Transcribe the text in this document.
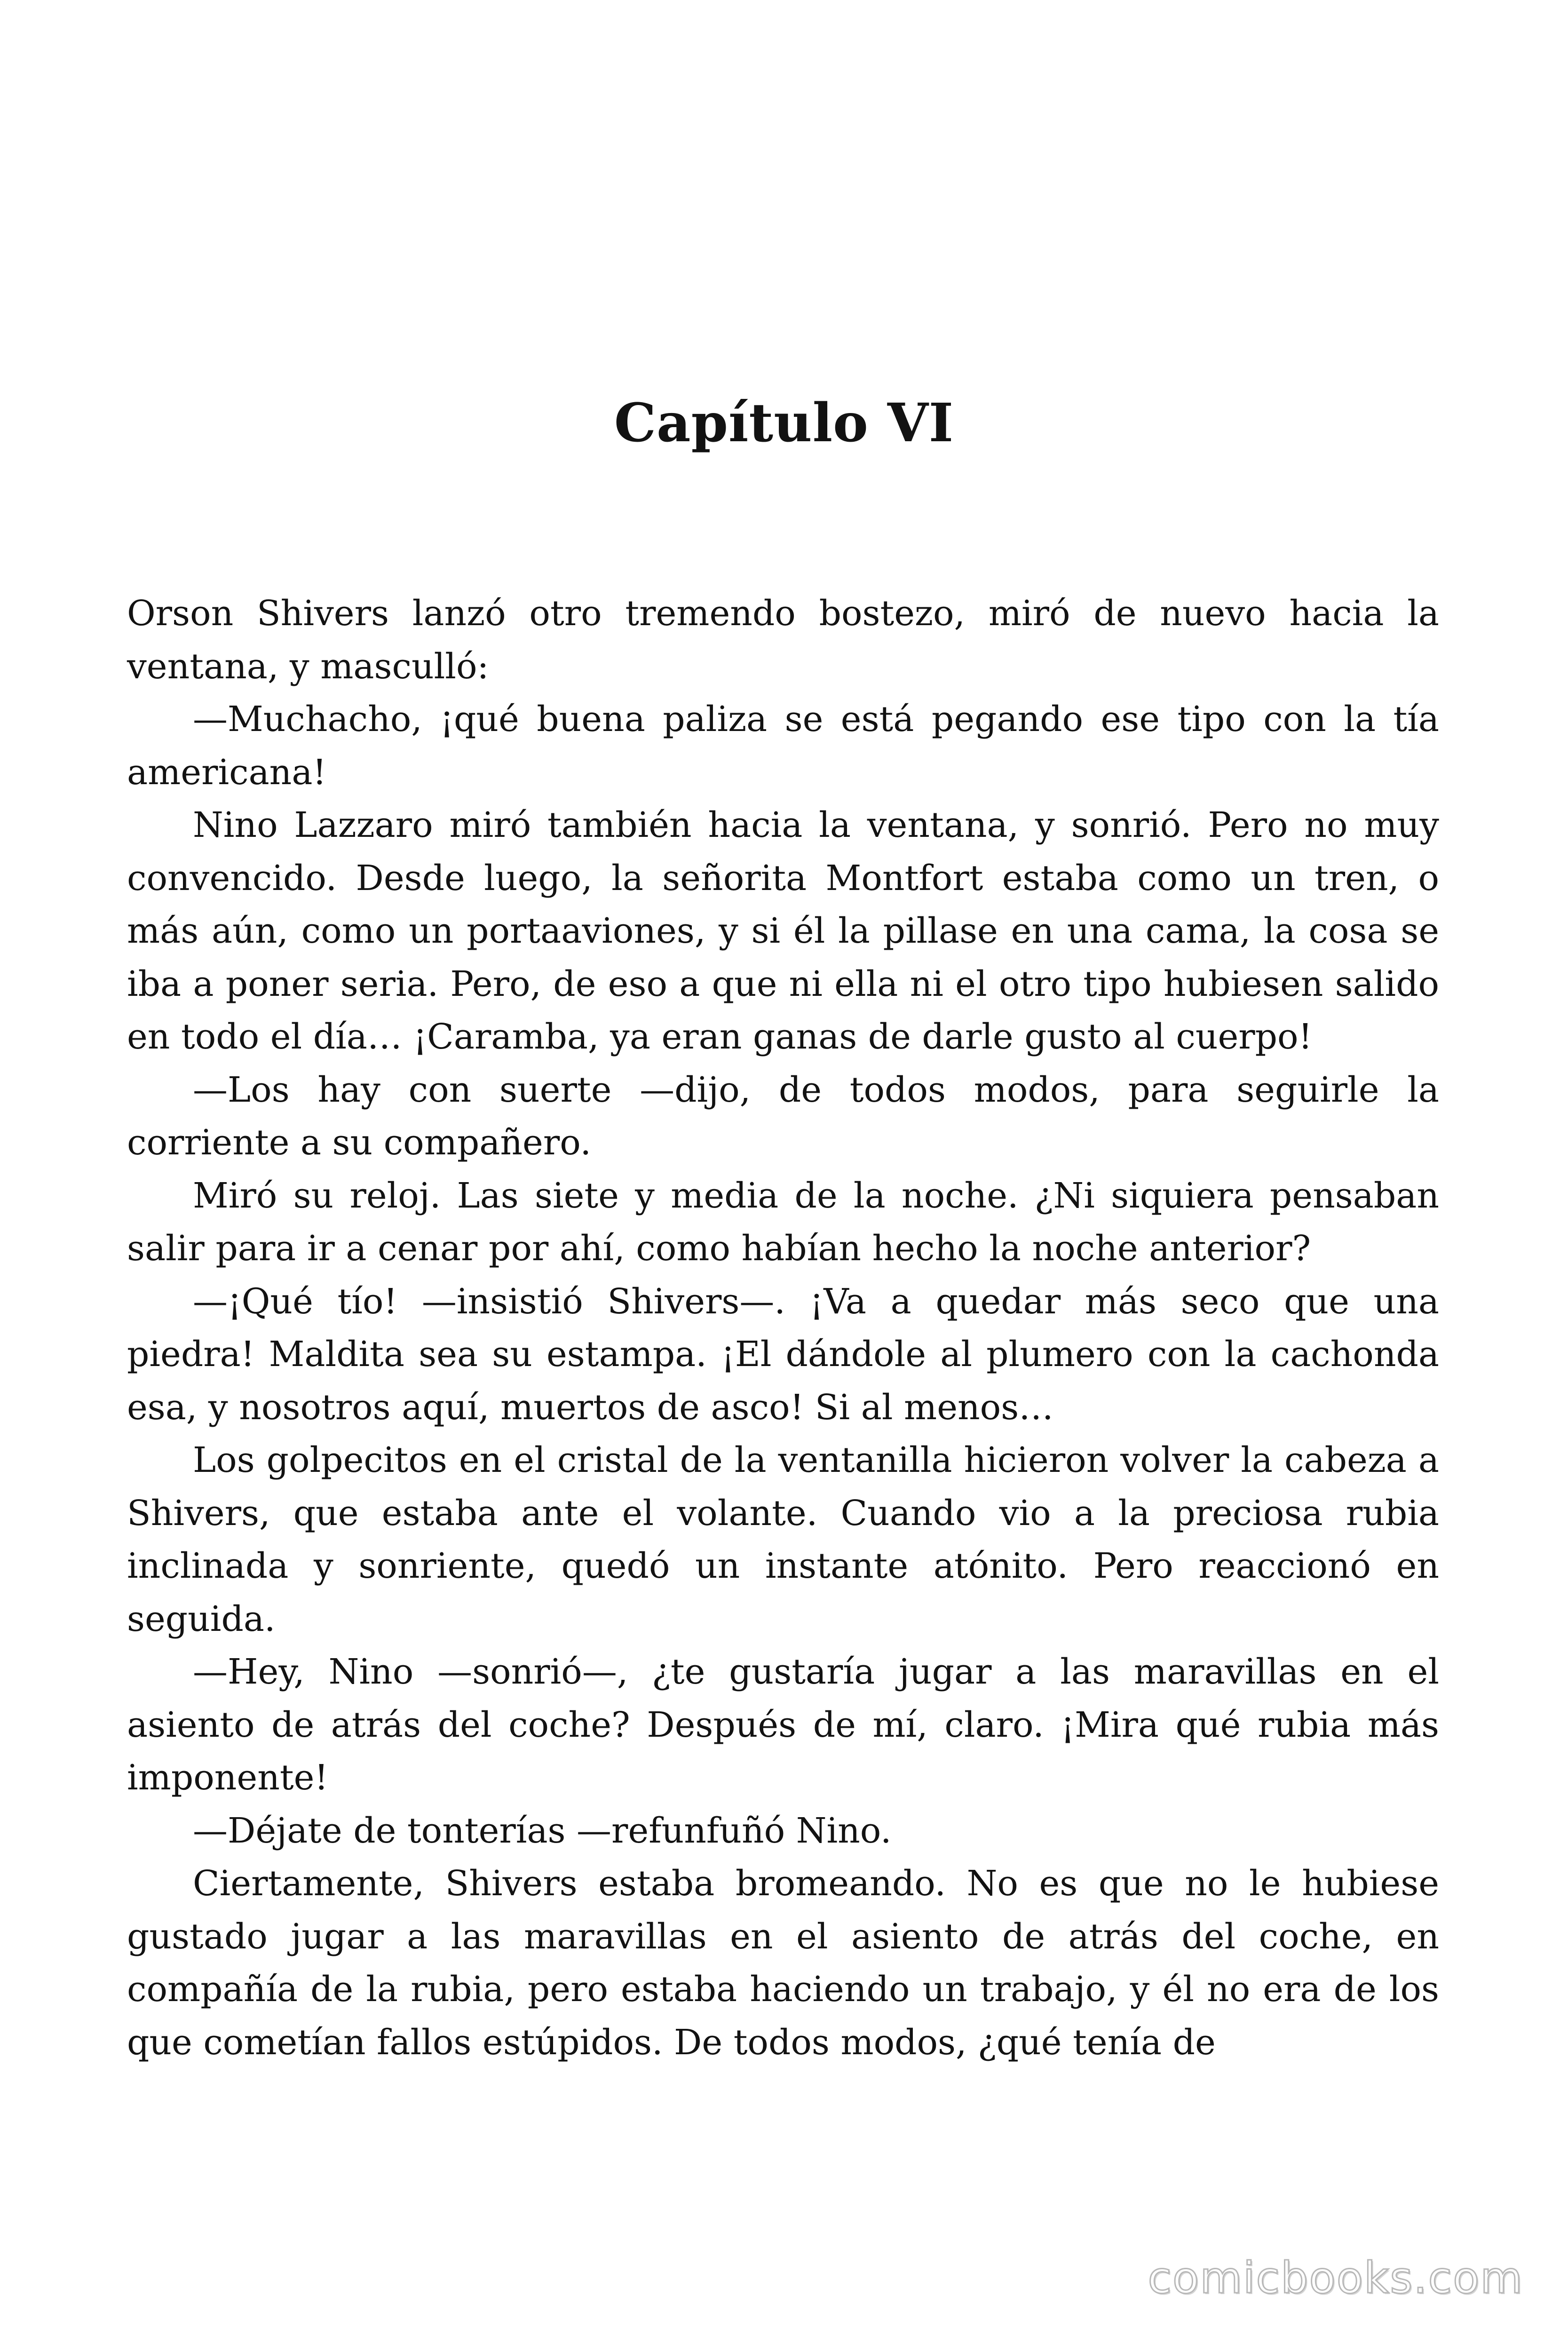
Capítulo VI

Orson Shivers lanzó otro tremendo bostezo, miró de nuevo hacia la ventana, y masculló:

—Muchacho, ¡qué buena paliza se está pegando ese tipo con la tía americana!

Nino Lazzaro miró también hacia la ventana, y sonrió. Pero no muy convencido. Desde luego, la señorita Montfort estaba como un tren, o más aún, como un portaaviones, y si él la pillase en una cama, la cosa se iba a poner seria. Pero, de eso a que ni ella ni el otro tipo hubiesen salido en todo el día… ¡Caramba, ya eran ganas de darle gusto al cuerpo!

—Los hay con suerte —dijo, de todos modos, para seguirle la corriente a su compañero.

Miró su reloj. Las siete y media de la noche. ¿Ni siquiera pensaban salir para ir a cenar por ahí, como habían hecho la noche anterior?

—¡Qué tío! —insistió Shivers—. ¡Va a quedar más seco que una piedra! Maldita sea su estampa. ¡El dándole al plumero con la cachonda esa, y nosotros aquí, muertos de asco! Si al menos…

Los golpecitos en el cristal de la ventanilla hicieron volver la cabeza a Shivers, que estaba ante el volante. Cuando vio a la preciosa rubia inclinada y sonriente, quedó un instante atónito. Pero reaccionó en seguida.

—Hey, Nino —sonrió—, ¿te gustaría jugar a las maravillas en el asiento de atrás del coche? Después de mí, claro. ¡Mira qué rubia más imponente!

—Déjate de tonterías —refunfuñó Nino.

Ciertamente, Shivers estaba bromeando. No es que no le hubiese gustado jugar a las maravillas en el asiento de atrás del coche, en compañía de la rubia, pero estaba haciendo un trabajo, y él no era de los que cometían fallos estúpidos. De todos modos, ¿qué tenía de

comicbooks.com
